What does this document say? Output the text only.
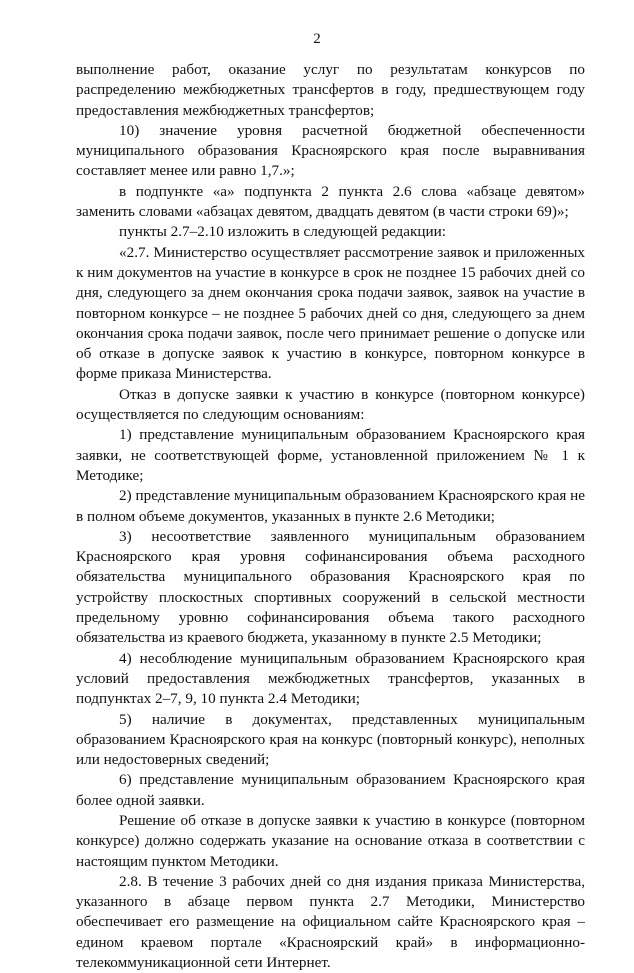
2

выполнение работ, оказание услуг по результатам конкурсов по распределению межбюджетных трансфертов в году, предшествующем году предоставления межбюджетных трансфертов;

10) значение уровня расчетной бюджетной обеспеченности муниципального образования Красноярского края после выравнивания составляет менее или равно 1,7.»;

в подпункте «а» подпункта 2 пункта 2.6 слова «абзаце девятом» заменить словами «абзацах девятом, двадцать девятом (в части строки 69)»;

пункты 2.7–2.10 изложить в следующей редакции:

«2.7. Министерство осуществляет рассмотрение заявок и приложенных к ним документов на участие в конкурсе в срок не позднее 15 рабочих дней со дня, следующего за днем окончания срока подачи заявок, заявок на участие в повторном конкурсе – не позднее 5 рабочих дней со дня, следующего за днем окончания срока подачи заявок, после чего принимает решение о допуске или об отказе в допуске заявок к участию в конкурсе, повторном конкурсе в форме приказа Министерства.

Отказ в допуске заявки к участию в конкурсе (повторном конкурсе) осуществляется по следующим основаниям:

1) представление муниципальным образованием Красноярского края заявки, не соответствующей форме, установленной приложением № 1 к Методике;

2) представление муниципальным образованием Красноярского края не в полном объеме документов, указанных в пункте 2.6 Методики;

3) несоответствие заявленного муниципальным образованием Красноярского края уровня софинансирования объема расходного обязательства муниципального образования Красноярского края по устройству плоскостных спортивных сооружений в сельской местности предельному уровню софинансирования объема такого расходного обязательства из краевого бюджета, указанному в пункте 2.5 Методики;

4) несоблюдение муниципальным образованием Красноярского края условий предоставления межбюджетных трансфертов, указанных в подпунктах 2–7, 9, 10 пункта 2.4 Методики;

5) наличие в документах, представленных муниципальным образованием Красноярского края на конкурс (повторный конкурс), неполных или недостоверных сведений;

6) представление муниципальным образованием Красноярского края более одной заявки.

Решение об отказе в допуске заявки к участию в конкурсе (повторном конкурсе) должно содержать указание на основание отказа в соответствии с настоящим пунктом Методики.

2.8. В течение 3 рабочих дней со дня издания приказа Министерства, указанного в абзаце первом пункта 2.7 Методики, Министерство обеспечивает его размещение на официальном сайте Красноярского края – едином краевом портале «Красноярский край» в информационно-телекоммуникационной сети Интернет.
